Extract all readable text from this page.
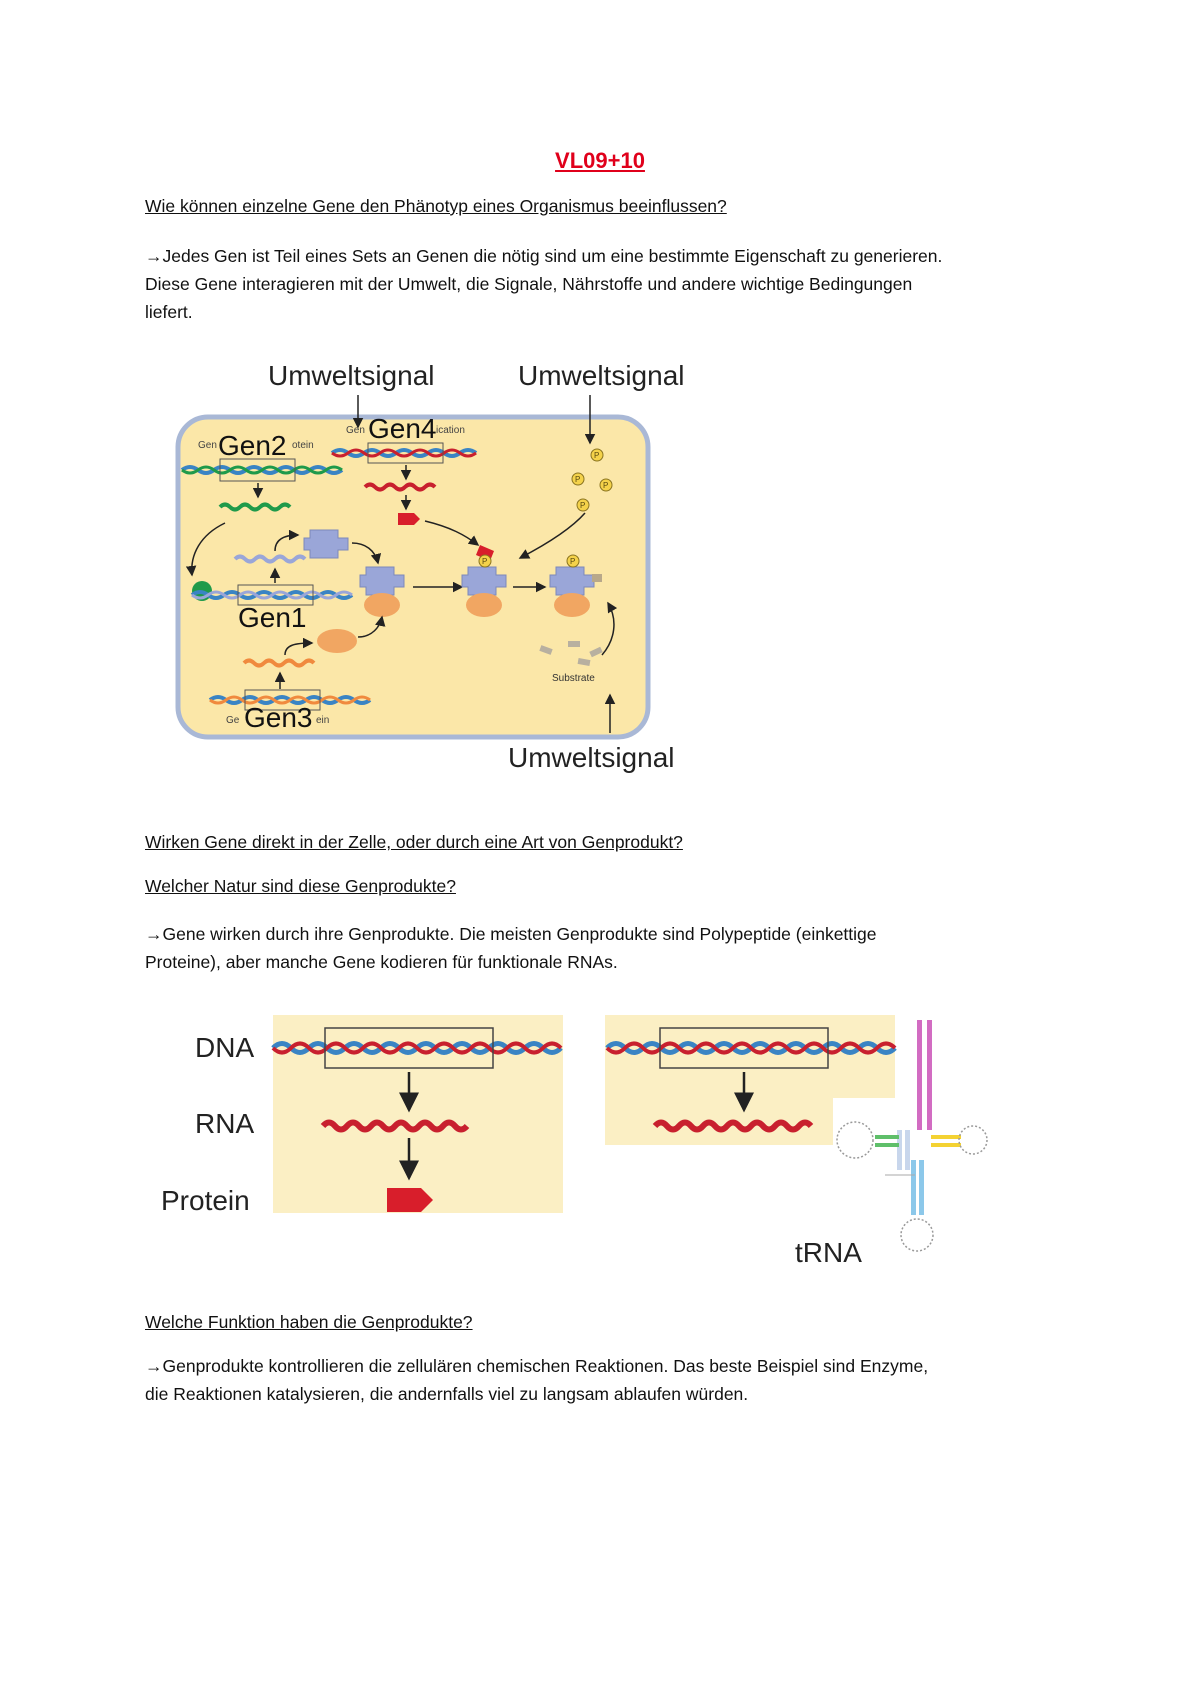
VL09+10
Wie können einzelne Gene den Phänotyp eines Organismus beeinflussen?
→Jedes Gen ist Teil eines Sets an Genen die nötig sind um eine bestimmte Eigenschaft zu generieren.
Diese Gene interagieren mit der Umwelt, die Signale, Nährstoffe und andere wichtige Bedingungen
liefert.
Umweltsignal	Umweltsignal
Umweltsignal
Gen Gen2 otein
Gen Gen4 ication
P
P
P
P
Gen1
P	P
Substrate
Ge Gen3 ein
Wirken Gene direkt in der Zelle, oder durch eine Art von Genprodukt?
Welcher Natur sind diese Genprodukte?
→Gene wirken durch ihre Genprodukte. Die meisten Genprodukte sind Polypeptide (einkettige
Proteine), aber manche Gene kodieren für funktionale RNAs.
DNA
RNA
Protein
tRNA
Welche Funktion haben die Genprodukte?
→Genprodukte kontrollieren die zellulären chemischen Reaktionen. Das beste Beispiel sind Enzyme,
die Reaktionen katalysieren, die andernfalls viel zu langsam ablaufen würden.
